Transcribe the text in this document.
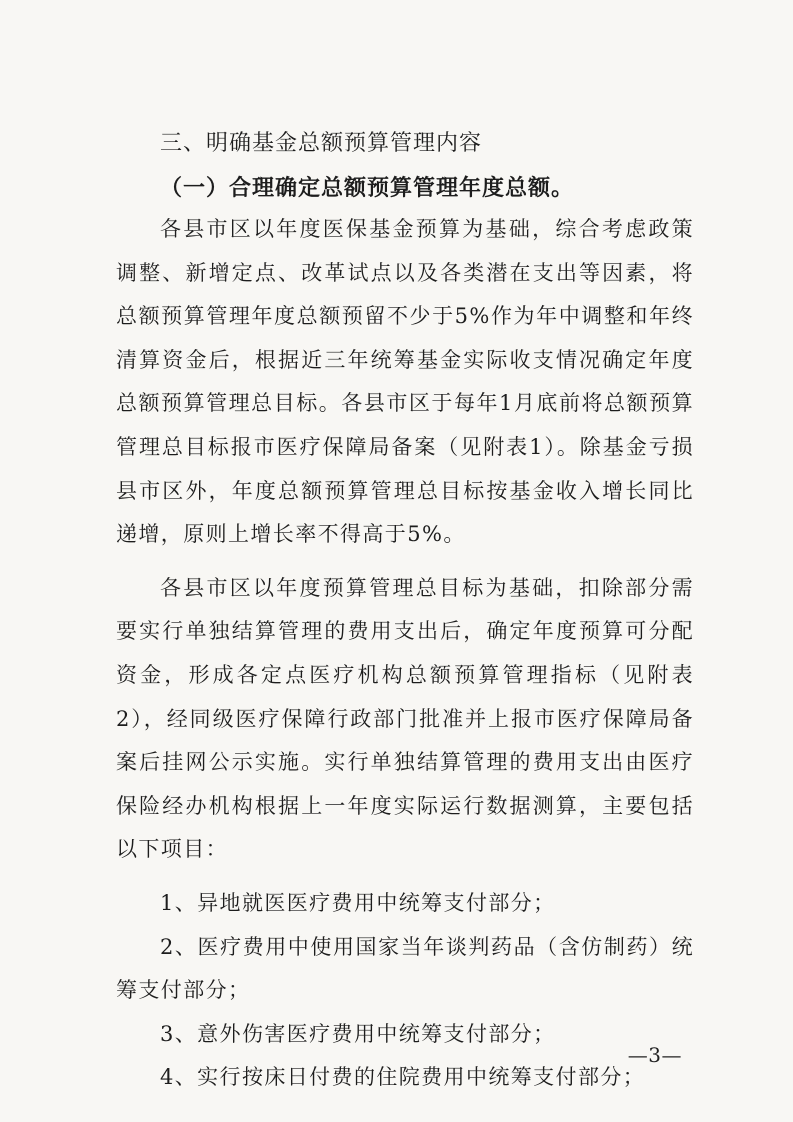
三、明确基金总额预算管理内容
（一）合理确定总额预算管理年度总额。

各县市区以年度医保基金预算为基础，综合考虑政策调整、新增定点、改革试点以及各类潜在支出等因素，将总额预算管理年度总额预留不少于5%作为年中调整和年终清算资金后，根据近三年统筹基金实际收支情况确定年度总额预算管理总目标。各县市区于每年1月底前将总额预算管理总目标报市医疗保障局备案（见附表1）。除基金亏损县市区外，年度总额预算管理总目标按基金收入增长同比递增，原则上增长率不得高于5%。

各县市区以年度预算管理总目标为基础，扣除部分需要实行单独结算管理的费用支出后，确定年度预算可分配资金，形成各定点医疗机构总额预算管理指标（见附表2），经同级医疗保障行政部门批准并上报市医疗保障局备案后挂网公示实施。实行单独结算管理的费用支出由医疗保险经办机构根据上一年度实际运行数据测算，主要包括以下项目：

1、异地就医医疗费用中统筹支付部分；

2、医疗费用中使用国家当年谈判药品（含仿制药）统筹支付部分；

3、意外伤害医疗费用中统筹支付部分；

4、实行按床日付费的住院费用中统筹支付部分；

—3—
